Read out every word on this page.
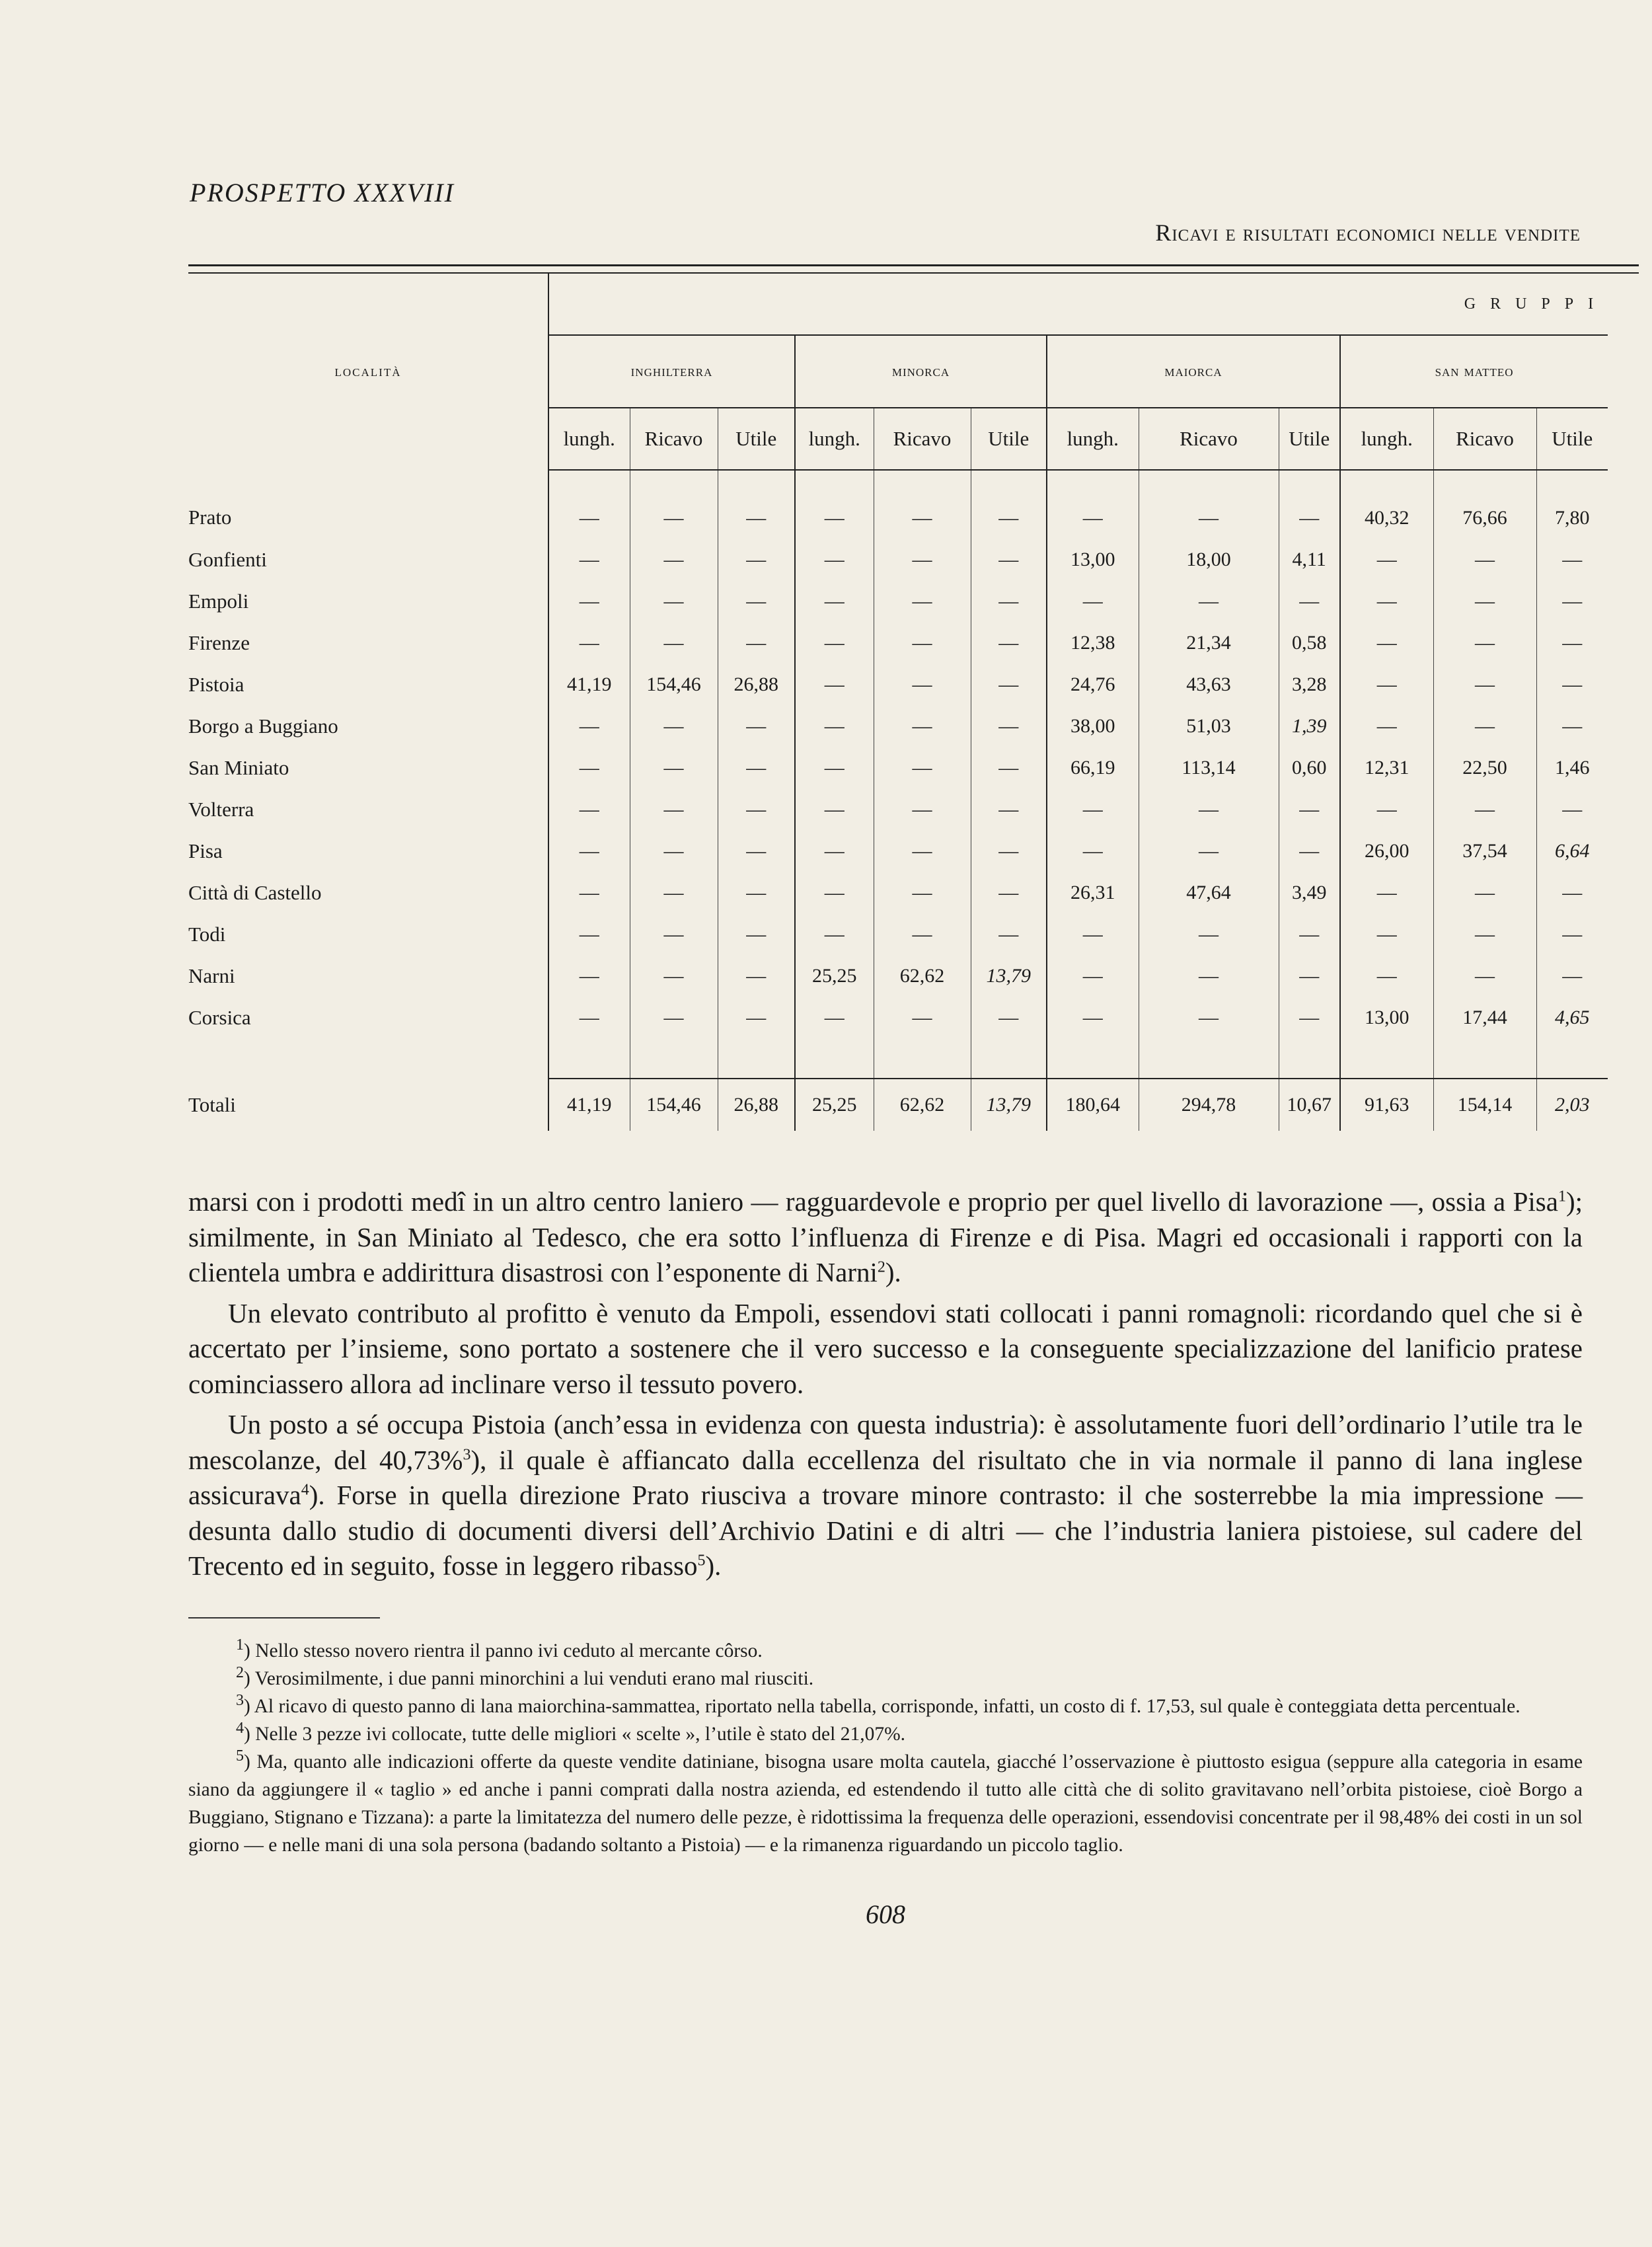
PROSPETTO XXXVIII
Ricavi e risultati economici nelle vendite
località	GRUPPI											
	inghilterra			minorca			maiorca			san matteo		
	lungh.	Ricavo	Utile	lungh.	Ricavo	Utile	lungh.	Ricavo	Utile	lungh.	Ricavo	Utile
Prato	—	—	—	—	—	—	—	—	—	40,32	76,66	7,80
Gonfienti	—	—	—	—	—	—	13,00	18,00	4,11	—	—	—
Empoli	—	—	—	—	—	—	—	—	—	—	—	—
Firenze	—	—	—	—	—	—	12,38	21,34	0,58	—	—	—
Pistoia	41,19	154,46	26,88	—	—	—	24,76	43,63	3,28	—	—	—
Borgo a Buggiano	—	—	—	—	—	—	38,00	51,03	1,39	—	—	—
San Miniato	—	—	—	—	—	—	66,19	113,14	0,60	12,31	22,50	1,46
Volterra	—	—	—	—	—	—	—	—	—	—	—	—
Pisa	—	—	—	—	—	—	—	—	—	26,00	37,54	6,64
Città di Castello	—	—	—	—	—	—	26,31	47,64	3,49	—	—	—
Todi	—	—	—	—	—	—	—	—	—	—	—	—
Narni	—	—	—	25,25	62,62	13,79	—	—	—	—	—	—
Corsica	—	—	—	—	—	—	—	—	—	13,00	17,44	4,65

Totali	41,19	154,46	26,88	25,25	62,62	13,79	180,64	294,78	10,67	91,63	154,14	2,03

marsi con i prodotti medî in un altro centro laniero — ragguardevole e proprio per quel livello di lavorazione —, ossia a Pisa$^1$); similmente, in San Miniato al Tedesco, che era sotto l’influenza di Firenze e di Pisa. Magri ed occasionali i rapporti con la clientela umbra e addirittura disastrosi con l’esponente di Narni$^2$).

Un elevato contributo al profitto è venuto da Empoli, essendovi stati collocati i panni romagnoli: ricordando quel che si è accertato per l’insieme, sono portato a sostenere che il vero successo e la conseguente specializzazione del lanificio pratese cominciassero allora ad inclinare verso il tessuto povero.

Un posto a sé occupa Pistoia (anch’essa in evidenza con questa industria): è assolutamente fuori dell’ordinario l’utile tra le mescolanze, del 40,73%$^3$), il quale è affiancato dalla eccellenza del risultato che in via normale il panno di lana inglese assicurava$^4$). Forse in quella direzione Prato riusciva a trovare minore contrasto: il che sosterrebbe la mia impressione — desunta dallo studio di documenti diversi dell’Archivio Datini e di altri — che l’industria laniera pistoiese, sul cadere del Trecento ed in seguito, fosse in leggero ribasso$^5$).

$^1$) Nello stesso novero rientra il panno ivi ceduto al mercante côrso.

$^2$) Verosimilmente, i due panni minorchini a lui venduti erano mal riusciti.

$^3$) Al ricavo di questo panno di lana maiorchina-sammattea, riportato nella tabella, corrisponde, infatti, un costo di f. 17,53, sul quale è conteggiata detta percentuale.

$^4$) Nelle 3 pezze ivi collocate, tutte delle migliori « scelte », l’utile è stato del 21,07%.

$^5$) Ma, quanto alle indicazioni offerte da queste vendite datiniane, bisogna usare molta cautela, giacché l’osservazione è piuttosto esigua (seppure alla categoria in esame siano da aggiungere il « taglio » ed anche i panni comprati dalla nostra azienda, ed estendendo il tutto alle città che di solito gravitavano nell’orbita pistoiese, cioè Borgo a Buggiano, Stignano e Tizzana): a parte la limitatezza del numero delle pezze, è ridottissima la frequenza delle operazioni, essendovisi concentrate per il 98,48% dei costi in un sol giorno — e nelle mani di una sola persona (badando soltanto a Pistoia) — e la rimanenza riguardando un piccolo taglio.

608
